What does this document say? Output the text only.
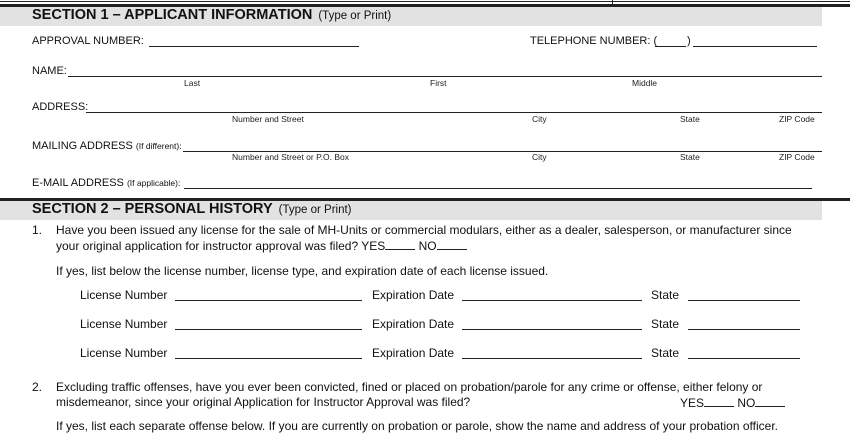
SECTION 1 – APPLICANT INFORMATION (Type or Print)
APPROVAL NUMBER:	TELEPHONE NUMBER: (	)
NAME:
Last	First	Middle
ADDRESS:
Number and Street	City	State	ZIP Code
MAILING ADDRESS (If different):
Number and Street or P.O. Box	City	State	ZIP Code
E-MAIL ADDRESS (If applicable):
SECTION 2 – PERSONAL HISTORY (Type or Print)
1. Have you been issued any license for the sale of MH-Units or commercial modulars, either as a dealer, salesperson, or manufacturer since
your original application for instructor approval was filed? YES	NO
If yes, list below the license number, license type, and expiration date of each license issued.
License Number	Expiration Date	State
License Number	Expiration Date	State
License Number	Expiration Date	State
2. Excluding traffic offenses, have you ever been convicted, fined or placed on probation/parole for any crime or offense, either felony or
misdemeanor, since your original Application for Instructor Approval was filed?	YES	NO
If yes, list each separate offense below. If you are currently on probation or parole, show the name and address of your probation officer.
